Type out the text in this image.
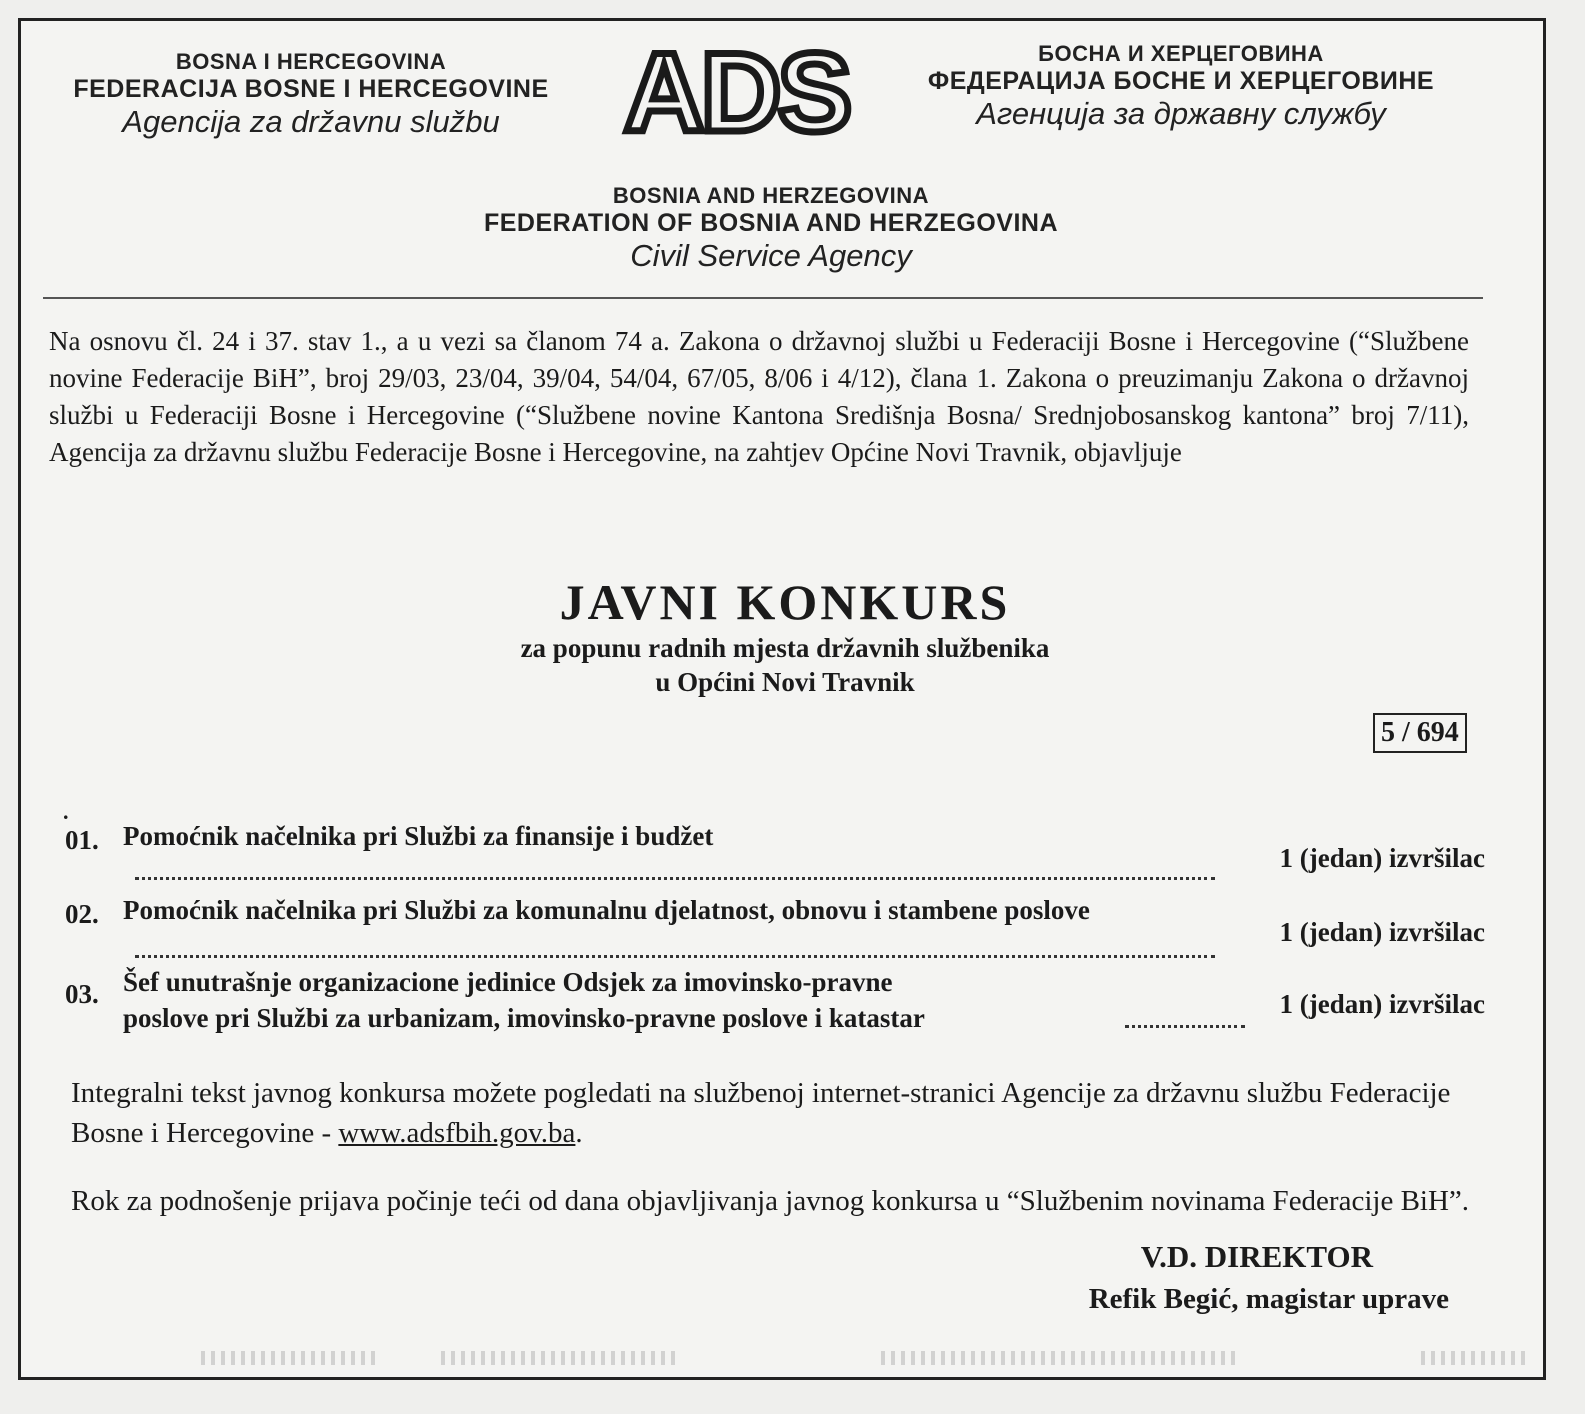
BOSNA I HERCEGOVINA
FEDERACIJA BOSNE I HERCEGOVINE
Agencija za državnu službu	ADS	БОСНА И ХЕРЦЕГОВИНА
ФЕДЕРАЦИЈА БОСНЕ И ХЕРЦЕГОВИНЕ
Агенција за државну службу
BOSNIA AND HERZEGOVINA
FEDERATION OF BOSNIA AND HERZEGOVINA
Civil Service Agency
Na osnovu čl. 24 i 37. stav 1., a u vezi sa članom 74 a. Zakona o državnoj službi u Federaciji Bosne i Hercegovine (“Službene novine Federacije BiH”, broj 29/03, 23/04, 39/04, 54/04, 67/05, 8/06 i 4/12), člana 1. Zakona o preuzimanju Zakona o državnoj službi u Federaciji Bosne i Hercegovine (“Službene novine Kantona Središnja Bosna/ Srednjobosanskog kantona” broj 7/11), Agencija za državnu službu Federacije Bosne i Hercegovine, na zahtjev Općine Novi Travnik, objavljuje
JAVNI KONKURS
za popunu radnih mjesta državnih službenika
u Općini Novi Travnik
5 / 694
.
01. Pomoćnik načelnika pri Službi za finansije i budžet
1 (jedan) izvršilac
02. Pomoćnik načelnika pri Službi za komunalnu djelatnost, obnovu i stambene poslove
1 (jedan) izvršilac
03. Šef unutrašnje organizacione jedinice Odsjek za imovinsko-pravne
poslove pri Službi za urbanizam, imovinsko-pravne poslove i katastar	1 (jedan) izvršilac
Integralni tekst javnog konkursa možete pogledati na službenoj internet-stranici Agencije za državnu službu Federacije Bosne i Hercegovine - www.adsfbih.gov.ba.
Rok za podnošenje prijava počinje teći od dana objavljivanja javnog konkursa u “Službenim novinama Federacije BiH”.
V.D. DIREKTOR
Refik Begić, magistar uprave
